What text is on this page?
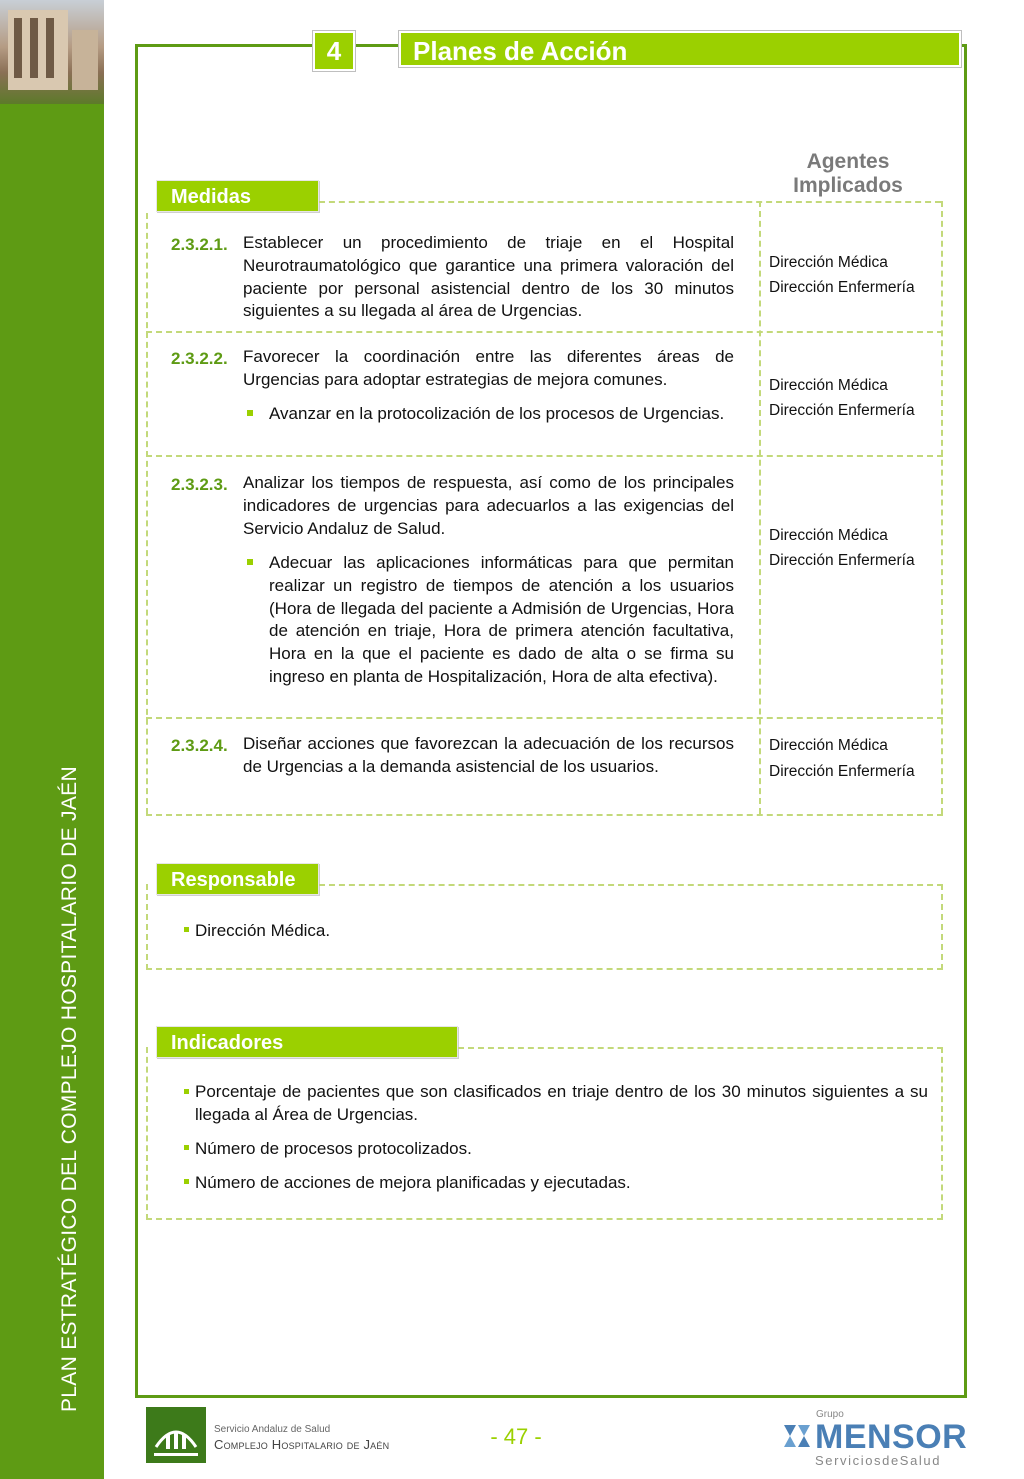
PLAN ESTRATÉGICO DEL COMPLEJO HOSPITALARIO DE JAÉN
4	Planes de Acción
Agentes
Implicados
Medidas
2.3.2.1. Establecer un procedimiento de triaje en el Hospital Neurotraumatológico que garantice una primera valoración del paciente por personal asistencial dentro de los 30 minutos siguientes a su llegada al área de Urgencias.
Dirección Médica
Dirección Enfermería
2.3.2.2. Favorecer la coordinación entre las diferentes áreas de Urgencias para adoptar estrategias de mejora comunes.
Avanzar en la protocolización de los procesos de Urgencias.
Dirección Médica
Dirección Enfermería
2.3.2.3. Analizar los tiempos de respuesta, así como de los principales indicadores de urgencias para adecuarlos a las exigencias del Servicio Andaluz de Salud.
Adecuar las aplicaciones informáticas para que permitan realizar un registro de tiempos de atención a los usuarios (Hora de llegada del paciente a Admisión de Urgencias, Hora de atención en triaje, Hora de primera atención facultativa, Hora en la que el paciente es dado de alta o se firma su ingreso en planta de Hospitalización, Hora de alta efectiva).
Dirección Médica
Dirección Enfermería
2.3.2.4. Diseñar acciones que favorezcan la adecuación de los recursos de Urgencias a la demanda asistencial de los usuarios.
Dirección Médica
Dirección Enfermería
Responsable
Dirección Médica.
Indicadores
Porcentaje de pacientes que son clasificados en triaje dentro de los 30 minutos siguientes a su llegada al Área de Urgencias.
Número de procesos protocolizados.
Número de acciones de mejora planificadas y ejecutadas.
Servicio Andaluz de Salud
Complejo Hospitalario de Jaén	- 47 -
Grupo
MENSOR
ServiciosdeSalud
